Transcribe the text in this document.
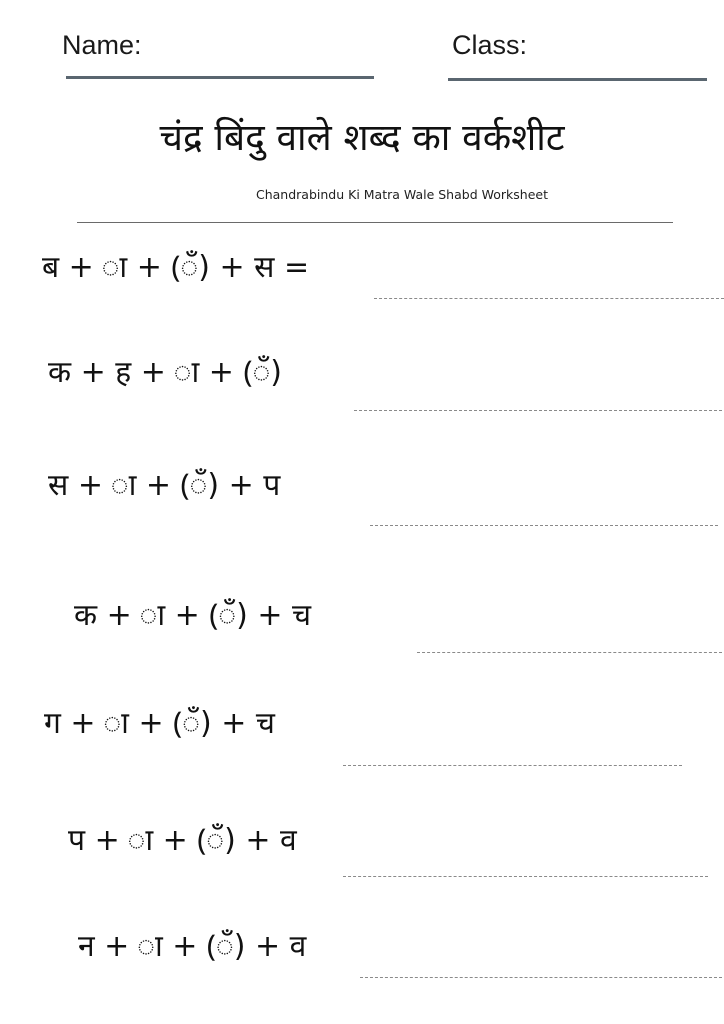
Name:	Class:
चंद्र बिंदु वाले शब्द का वर्कशीट
Chandrabindu Ki Matra Wale Shabd Worksheet
ब + ा + (ँ) + स =
क + ह + ा + (ँ)
स + ा + (ँ) + प
क + ा + (ँ) + च
ग + ा + (ँ) + च
प + ा + (ँ) + व
न + ा + (ँ) + व
